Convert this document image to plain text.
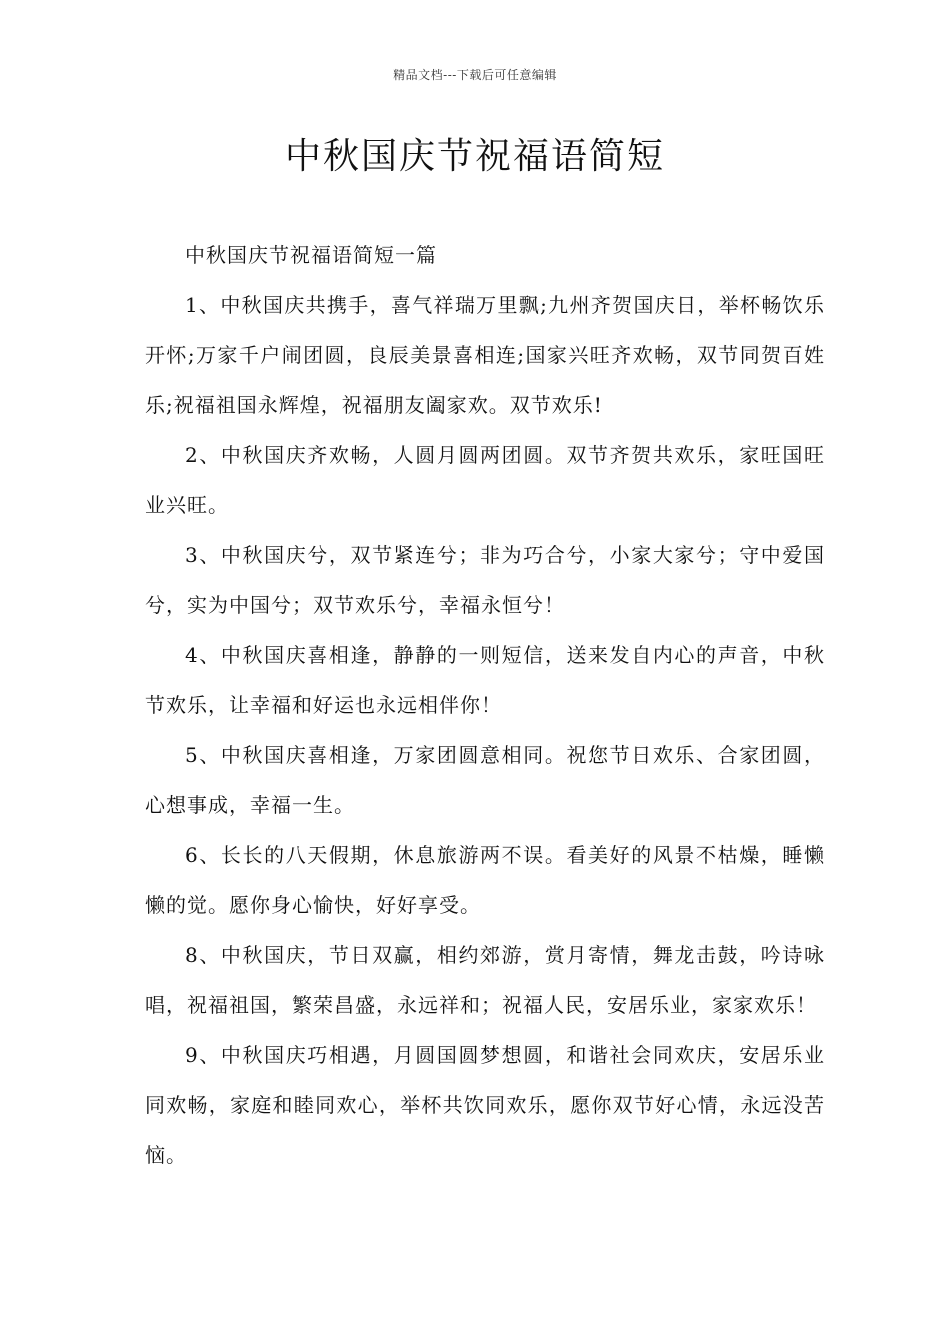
精品文档---下载后可任意编辑
中秋国庆节祝福语简短

中秋国庆节祝福语简短一篇

1、中秋国庆共携手，喜气祥瑞万里飘;九州齐贺国庆日，举杯畅饮乐开怀;万家千户闹团圆，良辰美景喜相连;国家兴旺齐欢畅，双节同贺百姓乐;祝福祖国永辉煌，祝福朋友阖家欢。双节欢乐!

2、中秋国庆齐欢畅，人圆月圆两团圆。双节齐贺共欢乐，家旺国旺业兴旺。

3、中秋国庆兮，双节紧连兮；非为巧合兮，小家大家兮；守中爱国兮，实为中国兮；双节欢乐兮，幸福永恒兮！

4、中秋国庆喜相逢，静静的一则短信，送来发自内心的声音，中秋节欢乐，让幸福和好运也永远相伴你！

5、中秋国庆喜相逢，万家团圆意相同。祝您节日欢乐、合家团圆，心想事成，幸福一生。

6、长长的八天假期，休息旅游两不误。看美好的风景不枯燥，睡懒懒的觉。愿你身心愉快，好好享受。

8、中秋国庆，节日双赢，相约郊游，赏月寄情，舞龙击鼓，吟诗咏唱，祝福祖国，繁荣昌盛，永远祥和；祝福人民，安居乐业，家家欢乐！

9、中秋国庆巧相遇，月圆国圆梦想圆，和谐社会同欢庆，安居乐业同欢畅，家庭和睦同欢心，举杯共饮同欢乐，愿你双节好心情，永远没苦恼。
